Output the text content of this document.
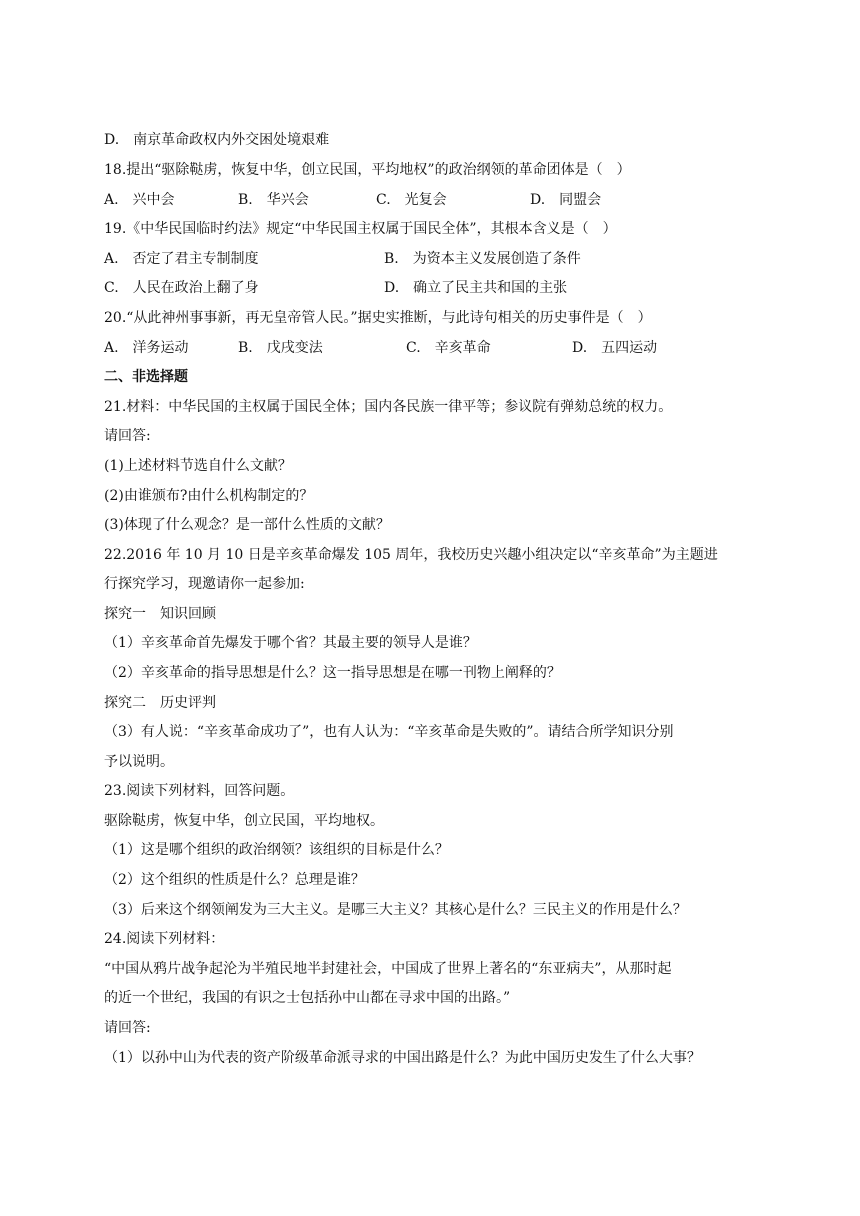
D.　南京革命政权内外交困处境艰难
18.提出“驱除鞑虏，恢复中华，创立民国，平均地权”的政治纲领的革命团体是（　）
A.　兴中会	B.　华兴会	C.　光复会	D.　同盟会
19.《中华民国临时约法》规定“中华民国主权属于国民全体”，其根本含义是（　）
A.　否定了君主专制制度	B.　为资本主义发展创造了条件
C.　人民在政治上翻了身	D.　确立了民主共和国的主张
20.“从此神州事事新，再无皇帝管人民。”据史实推断，与此诗句相关的历史事件是（　）
A.　洋务运动	B.　戊戌变法	C.　辛亥革命	D.　五四运动
二、非选择题
21.材料：中华民国的主权属于国民全体；国内各民族一律平等；参议院有弹劾总统的权力。
请回答:
(1)上述材料节选自什么文献？
(2)由谁颁布?由什么机构制定的？
(3)体现了什么观念？是一部什么性质的文献？
22.2016 年 10 月 10 日是辛亥革命爆发 105 周年，我校历史兴趣小组决定以“辛亥革命”为主题进
行探究学习，现邀请你一起参加:
探究一　知识回顾
（1）辛亥革命首先爆发于哪个省？其最主要的领导人是谁？
（2）辛亥革命的指导思想是什么？这一指导思想是在哪一刊物上阐释的？
探究二　历史评判
（3）有人说：“辛亥革命成功了”，也有人认为：“辛亥革命是失败的”。请结合所学知识分别
予以说明。
23.阅读下列材料，回答问题。
驱除鞑虏，恢复中华，创立民国，平均地权。
（1）这是哪个组织的政治纲领？该组织的目标是什么？
（2）这个组织的性质是什么？总理是谁？
（3）后来这个纲领阐发为三大主义。是哪三大主义？其核心是什么？三民主义的作用是什么？
24.阅读下列材料：
“中国从鸦片战争起沦为半殖民地半封建社会，中国成了世界上著名的“东亚病夫”，从那时起
的近一个世纪，我国的有识之士包括孙中山都在寻求中国的出路。”
请回答:
（1）以孙中山为代表的资产阶级革命派寻求的中国出路是什么？为此中国历史发生了什么大事？
